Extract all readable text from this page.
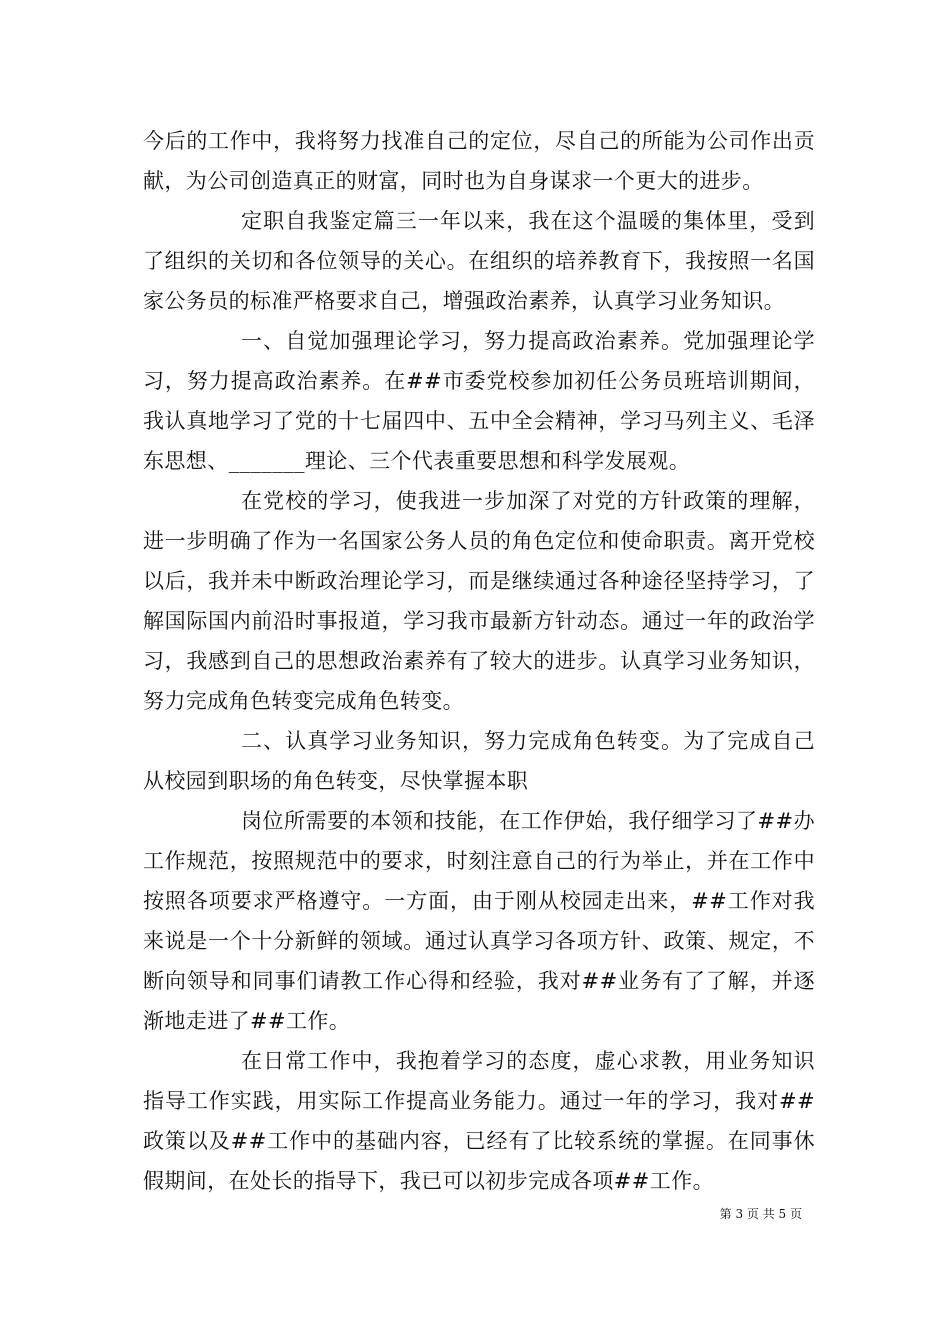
今后的工作中，我将努力找准自己的定位，尽自己的所能为公司作出贡献，为公司创造真正的财富，同时也为自身谋求一个更大的进步。

定职自我鉴定篇三一年以来，我在这个温暖的集体里，受到了组织的关切和各位领导的关心。在组织的培养教育下，我按照一名国家公务员的标准严格要求自己，增强政治素养，认真学习业务知识。

一、自觉加强理论学习，努力提高政治素养。党加强理论学习，努力提高政治素养。在##市委党校参加初任公务员班培训期间，我认真地学习了党的十七届四中、五中全会精神，学习马列主义、毛泽东思想、_______理论、三个代表重要思想和科学发展观。

在党校的学习，使我进一步加深了对党的方针政策的理解，进一步明确了作为一名国家公务人员的角色定位和使命职责。离开党校以后，我并未中断政治理论学习，而是继续通过各种途径坚持学习，了解国际国内前沿时事报道，学习我市最新方针动态。通过一年的政治学习，我感到自己的思想政治素养有了较大的进步。认真学习业务知识，努力完成角色转变完成角色转变。

二、认真学习业务知识，努力完成角色转变。为了完成自己从校园到职场的角色转变，尽快掌握本职

岗位所需要的本领和技能，在工作伊始，我仔细学习了##办工作规范，按照规范中的要求，时刻注意自己的行为举止，并在工作中按照各项要求严格遵守。一方面，由于刚从校园走出来，##工作对我来说是一个十分新鲜的领域。通过认真学习各项方针、政策、规定，不断向领导和同事们请教工作心得和经验，我对##业务有了了解，并逐渐地走进了##工作。

在日常工作中，我抱着学习的态度，虚心求教，用业务知识指导工作实践，用实际工作提高业务能力。通过一年的学习，我对##政策以及##工作中的基础内容，已经有了比较系统的掌握。在同事休假期间，在处长的指导下，我已可以初步完成各项##工作。

第 3 页 共 5 页
